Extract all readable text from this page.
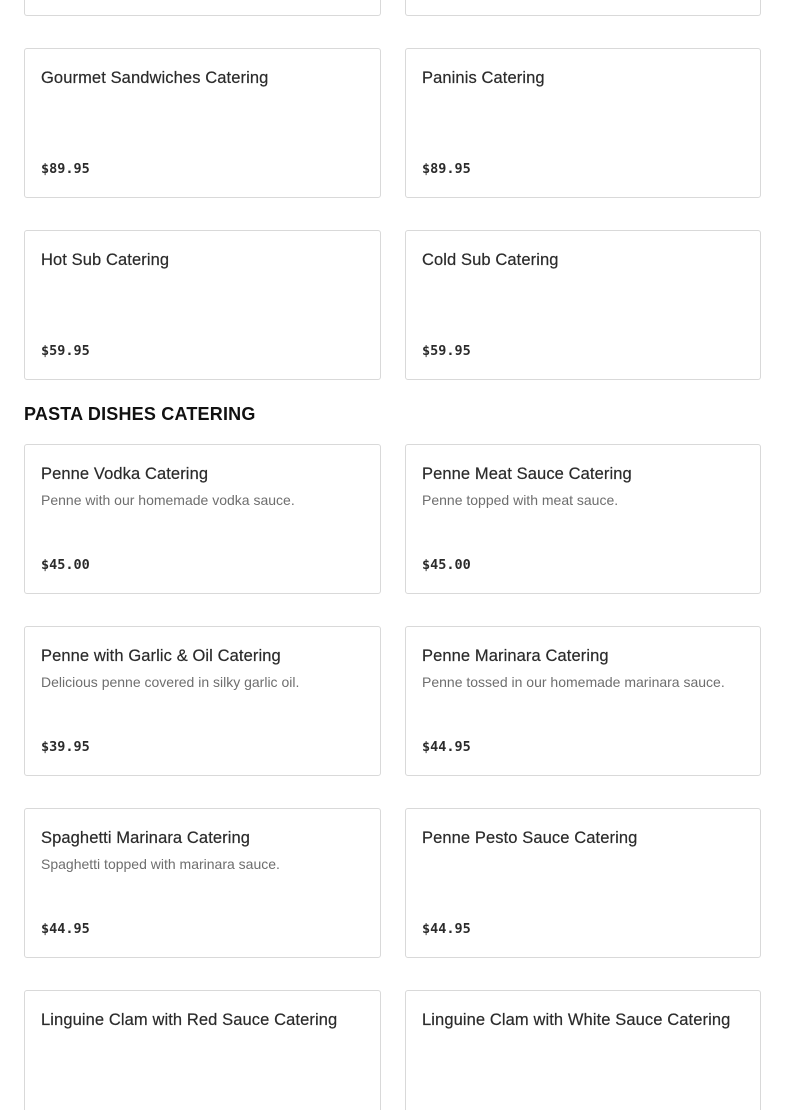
Gourmet Sandwiches Catering
$89.95
Paninis Catering
$89.95
Hot Sub Catering
$59.95
Cold Sub Catering
$59.95
PASTA DISHES CATERING
Penne Vodka Catering
Penne with our homemade vodka sauce.
$45.00
Penne Meat Sauce Catering
Penne topped with meat sauce.
$45.00
Penne with Garlic & Oil Catering
Delicious penne covered in silky garlic oil.
$39.95
Penne Marinara Catering
Penne tossed in our homemade marinara sauce.
$44.95
Spaghetti Marinara Catering
Spaghetti topped with marinara sauce.
$44.95
Penne Pesto Sauce Catering
$44.95
Linguine Clam with Red Sauce Catering	Linguine Clam with White Sauce Catering
